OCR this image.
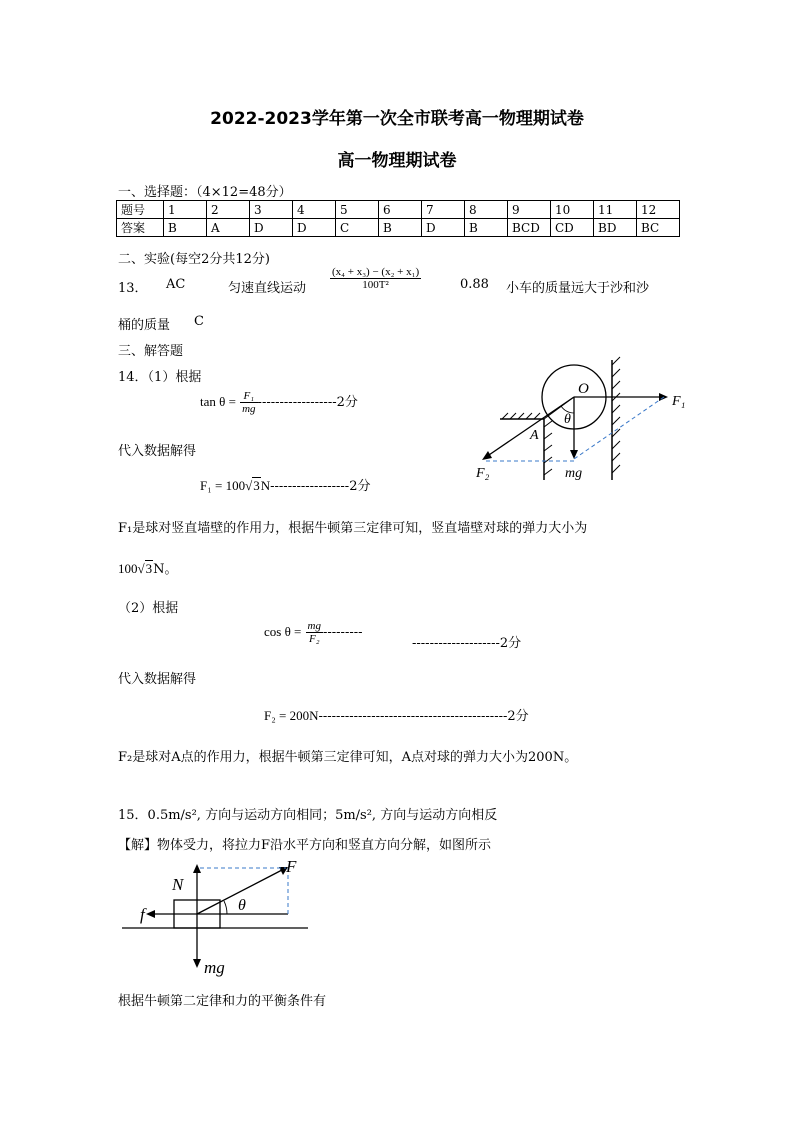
2022-2023学年第一次全市联考高一物理期试卷
高一物理期试卷
一、选择题：（4×12=48分）
题号	1	2	3	4	5	6	7	8	9	10	11	12
答案	B	A	D	D	C	B	D	B	BCD	CD	BD	BC
二、实验(每空2分共12分)
13． AC	匀速直线运动 $\frac{\text{(x₄ + x₃) − (x₂ + x₁)}}{\text{100T²}}$	0.88 小车的质量远大于沙和沙
桶的质量 C
三、解答题
14．（1）根据
$\tan \theta = \frac{\text{F₁}}{mg} ------------------2$分
代入数据解得
F₁ = 100√3N------------------2分
F₁是球对竖直墙壁的作用力，根据牛顿第三定律可知，竖直墙壁对球的弹力大小为
100√3N。
（2）根据
$\cos \theta = \frac{mg}{\text{F₂}}$ ---------
--------------------2分
代入数据解得
F₂ = 200N-------------------------------------------2分
F₂是球对A点的作用力，根据牛顿第三定律可知，A点对球的弹力大小为200N。
15．0.5m/s², 方向与运动方向相同；5m/s², 方向与运动方向相反
【解】物体受力，将拉力F沿水平方向和竖直方向分解，如图所示
根据牛顿第二定律和力的平衡条件有
O
θ
A
F₁
F₂	mg
N
F
f	θ
mg
